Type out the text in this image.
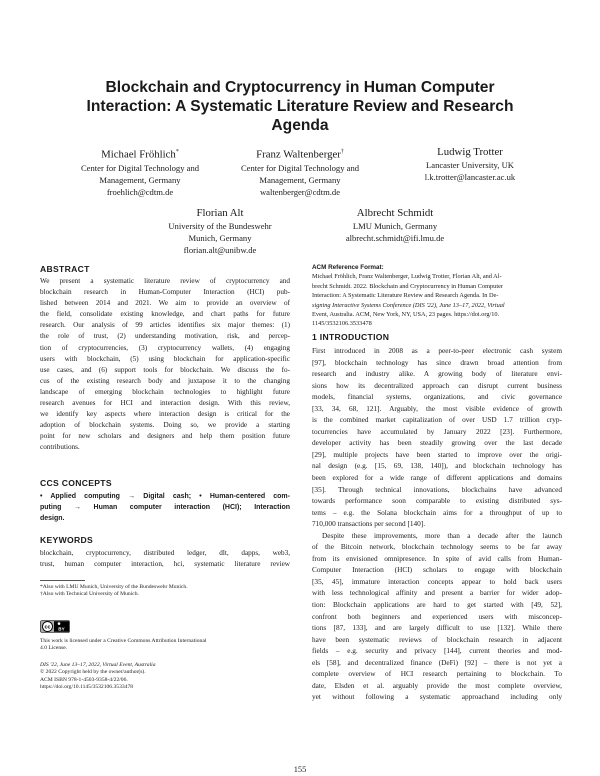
Blockchain and Cryptocurrency in Human Computer
Interaction: A Systematic Literature Review and Research
Agenda
Michael Fröhlich*
Center for Digital Technology and
Management, Germany
froehlich@cdtm.de
Franz Waltenberger†
Center for Digital Technology and
Management, Germany
waltenberger@cdtm.de
Ludwig Trotter
Lancaster University, UK
l.k.trotter@lancaster.ac.uk
Florian Alt
University of the Bundeswehr
Munich, Germany
florian.alt@unibw.de
Albrecht Schmidt
LMU Munich, Germany
albrecht.schmidt@ifi.lmu.de
ABSTRACT
We present a systematic literature review of cryptocurrency and
blockchain research in Human-Computer Interaction (HCI) pub-
lished between 2014 and 2021. We aim to provide an overview of
the field, consolidate existing knowledge, and chart paths for future
research. Our analysis of 99 articles identifies six major themes: (1)
the role of trust, (2) understanding motivation, risk, and percep-
tion of cryptocurrencies, (3) cryptocurrency wallets, (4) engaging
users with blockchain, (5) using blockchain for application-specific
use cases, and (6) support tools for blockchain. We discuss the fo-
cus of the existing research body and juxtapose it to the changing
landscape of emerging blockchain technologies to highlight future
research avenues for HCI and interaction design. With this review,
we identify key aspects where interaction design is critical for the
adoption of blockchain systems. Doing so, we provide a starting
point for new scholars and designers and help them position future
contributions.
CCS CONCEPTS
• Applied computing → Digital cash; • Human-centered com-
puting → Human computer interaction (HCI); Interaction
design.
KEYWORDS
blockchain, cryptocurrency, distributed ledger, dlt, dapps, web3,
trust, human computer interaction, hci, systematic literature review
*Also with LMU Munich, University of the Bundeswehr Munich.
†Also with Technical University of Munich.
cc BY
This work is licensed under a Creative Commons Attribution International
4.0 License.
DIS '22, June 13–17, 2022, Virtual Event, Australia
© 2022 Copyright held by the owner/author(s).
ACM ISBN 978-1-4503-9358-4/22/06.
https://doi.org/10.1145/3532106.3533478
ACM Reference Format:
Michael Fröhlich, Franz Waltenberger, Ludwig Trotter, Florian Alt, and Al-
brecht Schmidt. 2022. Blockchain and Cryptocurrency in Human Computer
Interaction: A Systematic Literature Review and Research Agenda. In De-
signing Interactive Systems Conference (DIS '22), June 13–17, 2022, Virtual
Event, Australia. ACM, New York, NY, USA, 23 pages. https://doi.org/10.
1145/3532106.3533478
1 INTRODUCTION
First introduced in 2008 as a peer-to-peer electronic cash system
[97], blockchain technology has since drawn broad attention from
research and industry alike. A growing body of literature envi-
sions how its decentralized approach can disrupt current business
models, financial systems, organizations, and civic governance
[33, 34, 68, 121]. Arguably, the most visible evidence of growth
is the combined market capitalization of over USD 1.7 trillion cryp-
tocurrencies have accumulated by January 2022 [23]. Furthermore,
developer activity has been steadily growing over the last decade
[29], multiple projects have been started to improve over the origi-
nal design (e.g. [15, 69, 138, 140]), and blockchain technology has
been explored for a wide range of different applications and domains
[35]. Through technical innovations, blockchains have advanced
towards performance soon comparable to existing distributed sys-
tems – e.g. the Solana blockchain aims for a throughput of up to
710,000 transactions per second [140].
Despite these improvements, more than a decade after the launch
of the Bitcoin network, blockchain technology seems to be far away
from its envisioned omnipresence. In spite of avid calls from Human-
Computer Interaction (HCI) scholars to engage with blockchain
[35, 45], immature interaction concepts appear to hold back users
with less technological affinity and present a barrier for wider adop-
tion: Blockchain applications are hard to get started with [49, 52],
confront both beginners and experienced users with misconcep-
tions [87, 133], and are largely difficult to use [132]. While there
have been systematic reviews of blockchain research in adjacent
fields – e.g. security and privacy [144], current theories and mod-
els [58], and decentralized finance (DeFi) [92] – there is not yet a
complete overview of HCI research pertaining to blockchain. To
date, Elsden et al. arguably provide the most complete overview,
yet without following a systematic approachand including only
155
